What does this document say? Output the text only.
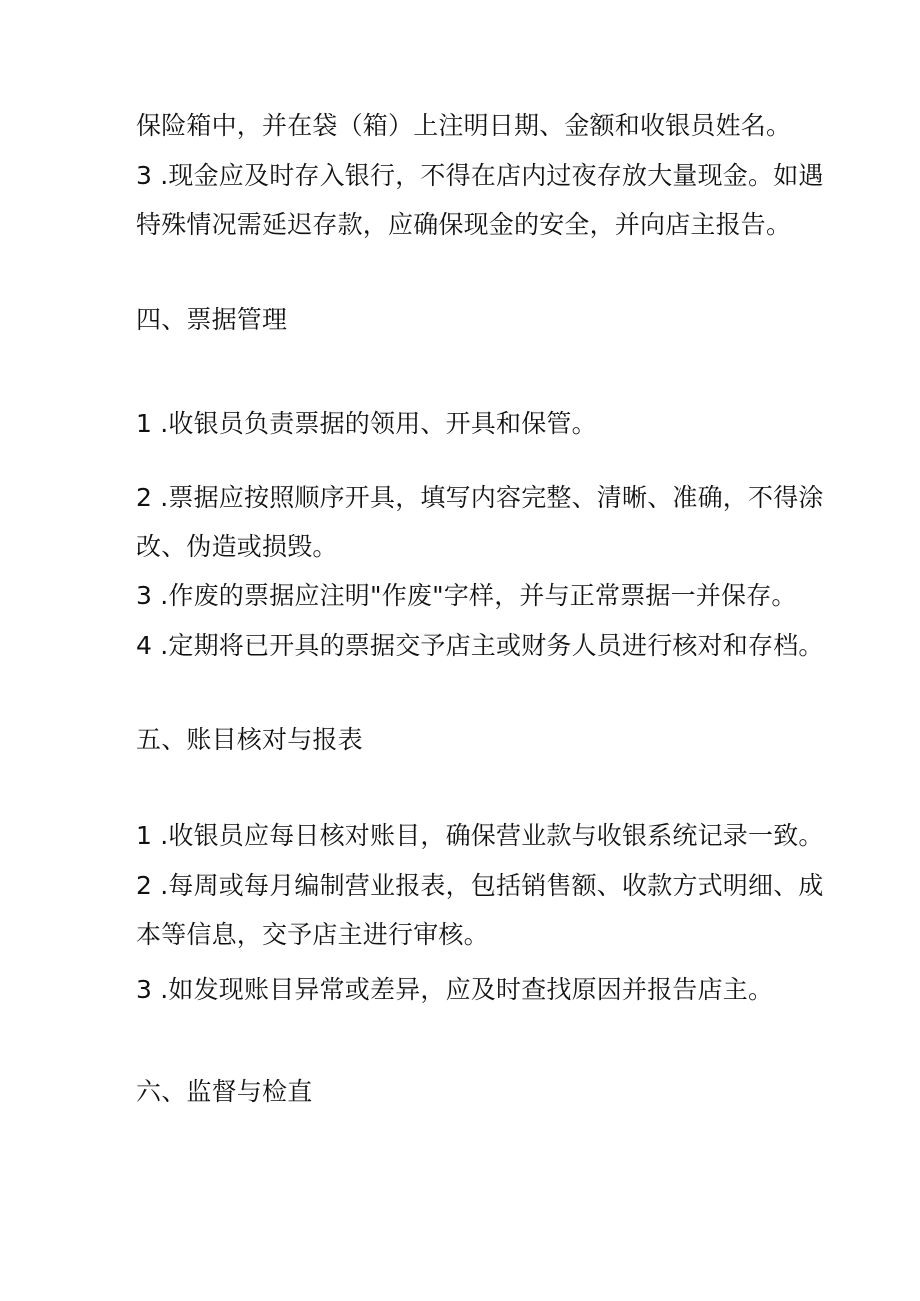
保险箱中，并在袋（箱）上注明日期、金额和收银员姓名。
3 .现金应及时存入银行，不得在店内过夜存放大量现金。如遇
特殊情况需延迟存款，应确保现金的安全，并向店主报告。
四、票据管理
1 .收银员负责票据的领用、开具和保管。
2 .票据应按照顺序开具，填写内容完整、清晰、准确，不得涂
改、伪造或损毁。
3 .作废的票据应注明"作废"字样，并与正常票据一并保存。
4 .定期将已开具的票据交予店主或财务人员进行核对和存档。
五、账目核对与报表
1 .收银员应每日核对账目，确保营业款与收银系统记录一致。
2 .每周或每月编制营业报表，包括销售额、收款方式明细、成
本等信息，交予店主进行审核。
3 .如发现账目异常或差异，应及时查找原因并报告店主。
六、监督与检直
